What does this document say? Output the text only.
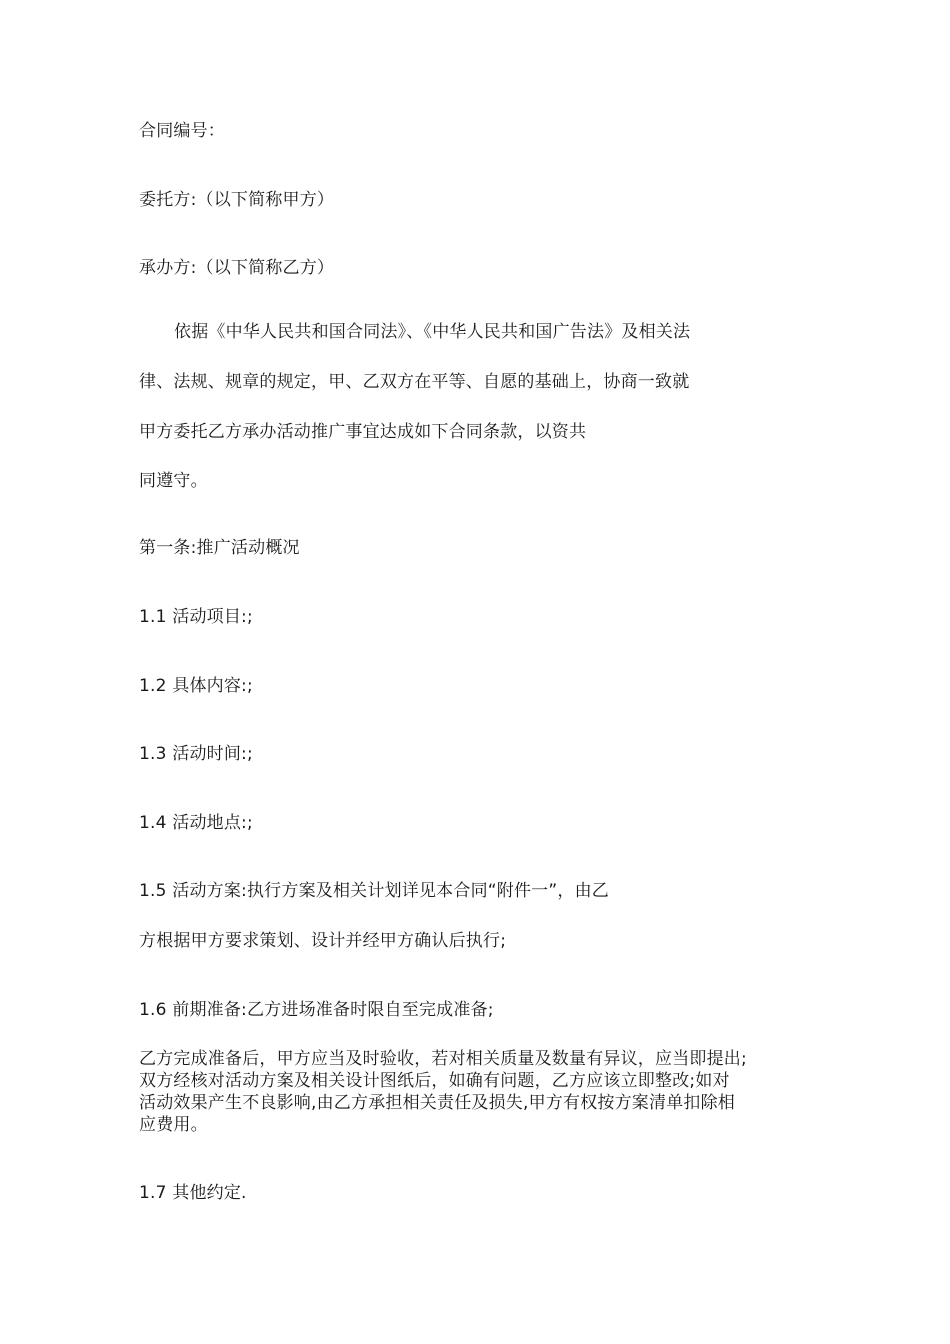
合同编号：
委托方:（以下简称甲方）
承办方:（以下简称乙方）
依据《中华人民共和国合同法》、《中华人民共和国广告法》及相关法
律、法规、规章的规定，甲、乙双方在平等、自愿的基础上，协商一致就
甲方委托乙方承办活动推广事宜达成如下合同条款，以资共
同遵守。
第一条:推广活动概况
1.1 活动项目:;
1.2 具体内容:;
1.3 活动时间:;
1.4 活动地点:;
1.5 活动方案:执行方案及相关计划详见本合同“附件一”，由乙
方根据甲方要求策划、设计并经甲方确认后执行;
1.6 前期准备:乙方进场准备时限自至完成准备;
乙方完成准备后，甲方应当及时验收，若对相关质量及数量有异议，应当即提出;
双方经核对活动方案及相关设计图纸后，如确有问题，乙方应该立即整改;如对
活动效果产生不良影响,由乙方承担相关责任及损失,甲方有权按方案清单扣除相
应费用。
1.7 其他约定.
